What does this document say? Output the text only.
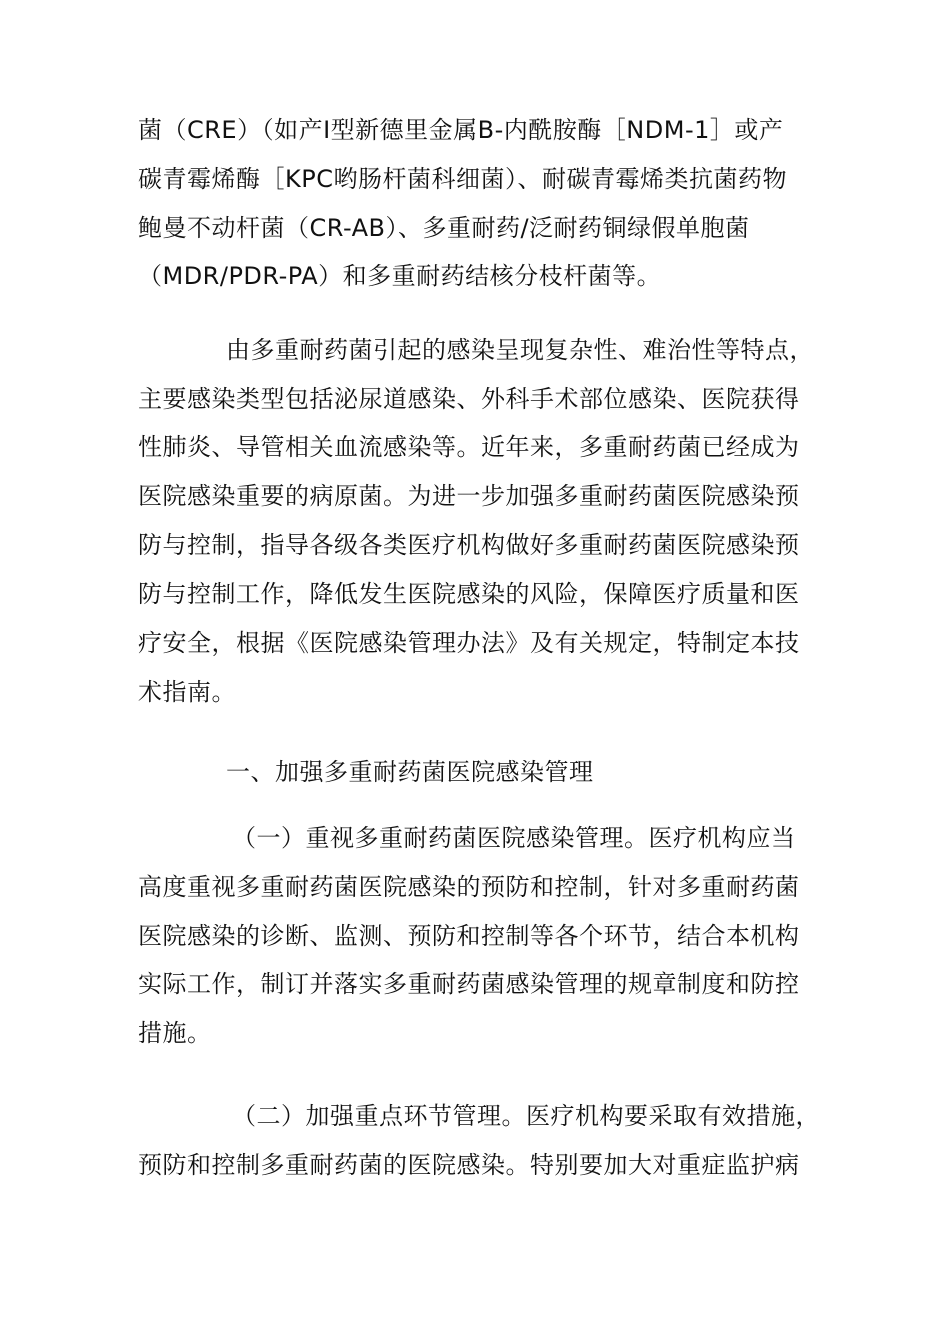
菌（CRE）（如产Ⅰ型新德里金属B-内酰胺酶［NDM-1］或产
碳青霉烯酶［KPC哟肠杆菌科细菌）、耐碳青霉烯类抗菌药物
鲍曼不动杆菌（CR-AB）、多重耐药/泛耐药铜绿假单胞菌
（MDR/PDR-PA）和多重耐药结核分枝杆菌等。
由多重耐药菌引起的感染呈现复杂性、难治性等特点，
主要感染类型包括泌尿道感染、外科手术部位感染、医院获得
性肺炎、导管相关血流感染等。近年来，多重耐药菌已经成为
医院感染重要的病原菌。为进一步加强多重耐药菌医院感染预
防与控制，指导各级各类医疗机构做好多重耐药菌医院感染预
防与控制工作，降低发生医院感染的风险，保障医疗质量和医
疗安全，根据《医院感染管理办法》及有关规定，特制定本技
术指南。
一、加强多重耐药菌医院感染管理
（一）重视多重耐药菌医院感染管理。医疗机构应当
高度重视多重耐药菌医院感染的预防和控制，针对多重耐药菌
医院感染的诊断、监测、预防和控制等各个环节，结合本机构
实际工作，制订并落实多重耐药菌感染管理的规章制度和防控
措施。
（二）加强重点环节管理。医疗机构要采取有效措施，
预防和控制多重耐药菌的医院感染。特别要加大对重症监护病
